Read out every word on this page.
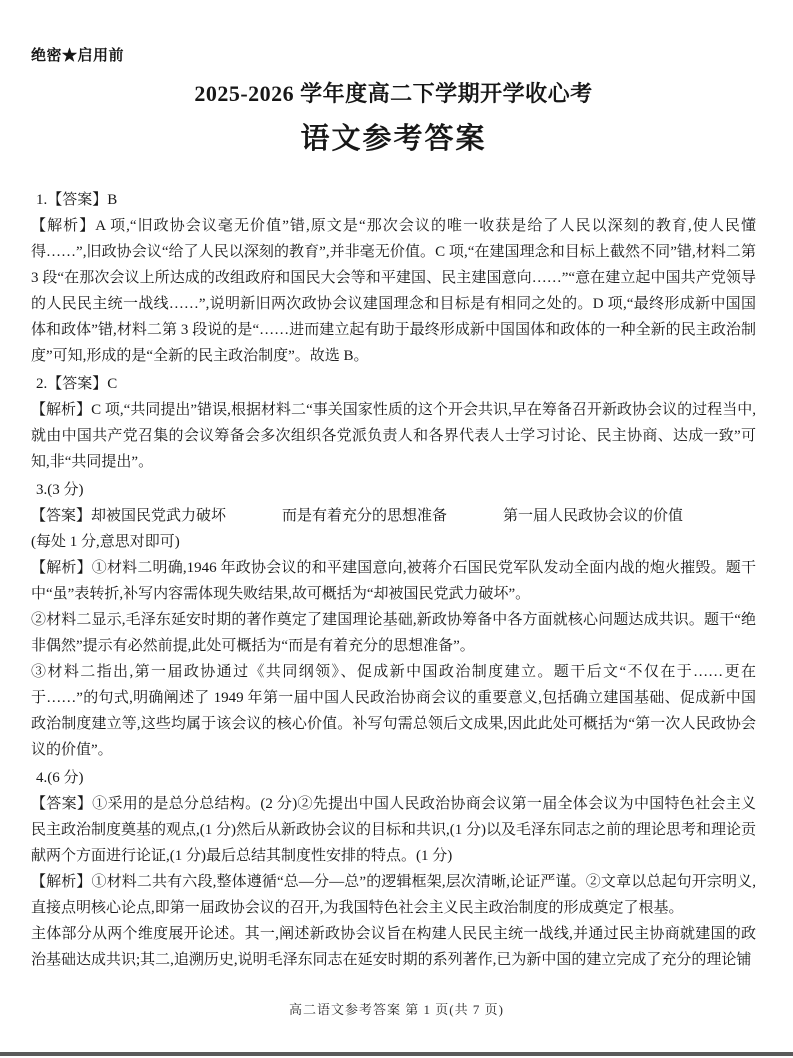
绝密★启用前
2025-2026 学年度高二下学期开学收心考
语文参考答案

1.【答案】B

【解析】A 项,“旧政协会议毫无价值”错,原文是“那次会议的唯一收获是给了人民以深刻的教育,使人民懂得……”,旧政协会议“给了人民以深刻的教育”,并非毫无价值。C 项,“在建国理念和目标上截然不同”错,材料二第 3 段“在那次会议上所达成的改组政府和国民大会等和平建国、民主建国意向……”“意在建立起中国共产党领导的人民民主统一战线……”,说明新旧两次政协会议建国理念和目标是有相同之处的。D 项,“最终形成新中国国体和政体”错,材料二第 3 段说的是“……进而建立起有助于最终形成新中国国体和政体的一种全新的民主政治制度”可知,形成的是“全新的民主政治制度”。故选 B。

2.【答案】C

【解析】C 项,“共同提出”错误,根据材料二“事关国家性质的这个开会共识,早在筹备召开新政协会议的过程当中,就由中国共产党召集的会议筹备会多次组织各党派负责人和各界代表人士学习讨论、民主协商、达成一致”可知,非“共同提出”。

3.(3 分)

【答案】却被国民党武力破坏	而是有着充分的思想准备	第一届人民政协会议的价值

(每处 1 分,意思对即可)

【解析】①材料二明确,1946 年政协会议的和平建国意向,被蒋介石国民党军队发动全面内战的炮火摧毁。题干中“虽”表转折,补写内容需体现失败结果,故可概括为“却被国民党武力破坏”。

②材料二显示,毛泽东延安时期的著作奠定了建国理论基础,新政协筹备中各方面就核心问题达成共识。题干“绝非偶然”提示有必然前提,此处可概括为“而是有着充分的思想准备”。

③材料二指出,第一届政协通过《共同纲领》、促成新中国政治制度建立。题干后文“不仅在于……更在于……”的句式,明确阐述了 1949 年第一届中国人民政治协商会议的重要意义,包括确立建国基础、促成新中国政治制度建立等,这些均属于该会议的核心价值。补写句需总领后文成果,因此此处可概括为“第一次人民政协会议的价值”。

4.(6 分)

【答案】①采用的是总分总结构。(2 分)②先提出中国人民政治协商会议第一届全体会议为中国特色社会主义民主政治制度奠基的观点,(1 分)然后从新政协会议的目标和共识,(1 分)以及毛泽东同志之前的理论思考和理论贡献两个方面进行论证,(1 分)最后总结其制度性安排的特点。(1 分)

【解析】①材料二共有六段,整体遵循“总—分—总”的逻辑框架,层次清晰,论证严谨。②文章以总起句开宗明义,直接点明核心论点,即第一届政协会议的召开,为我国特色社会主义民主政治制度的形成奠定了根基。

主体部分从两个维度展开论述。其一,阐述新政协会议旨在构建人民民主统一战线,并通过民主协商就建国的政治基础达成共识;其二,追溯历史,说明毛泽东同志在延安时期的系列著作,已为新中国的建立完成了充分的理论铺

高二语文参考答案 第 1 页(共 7 页)
